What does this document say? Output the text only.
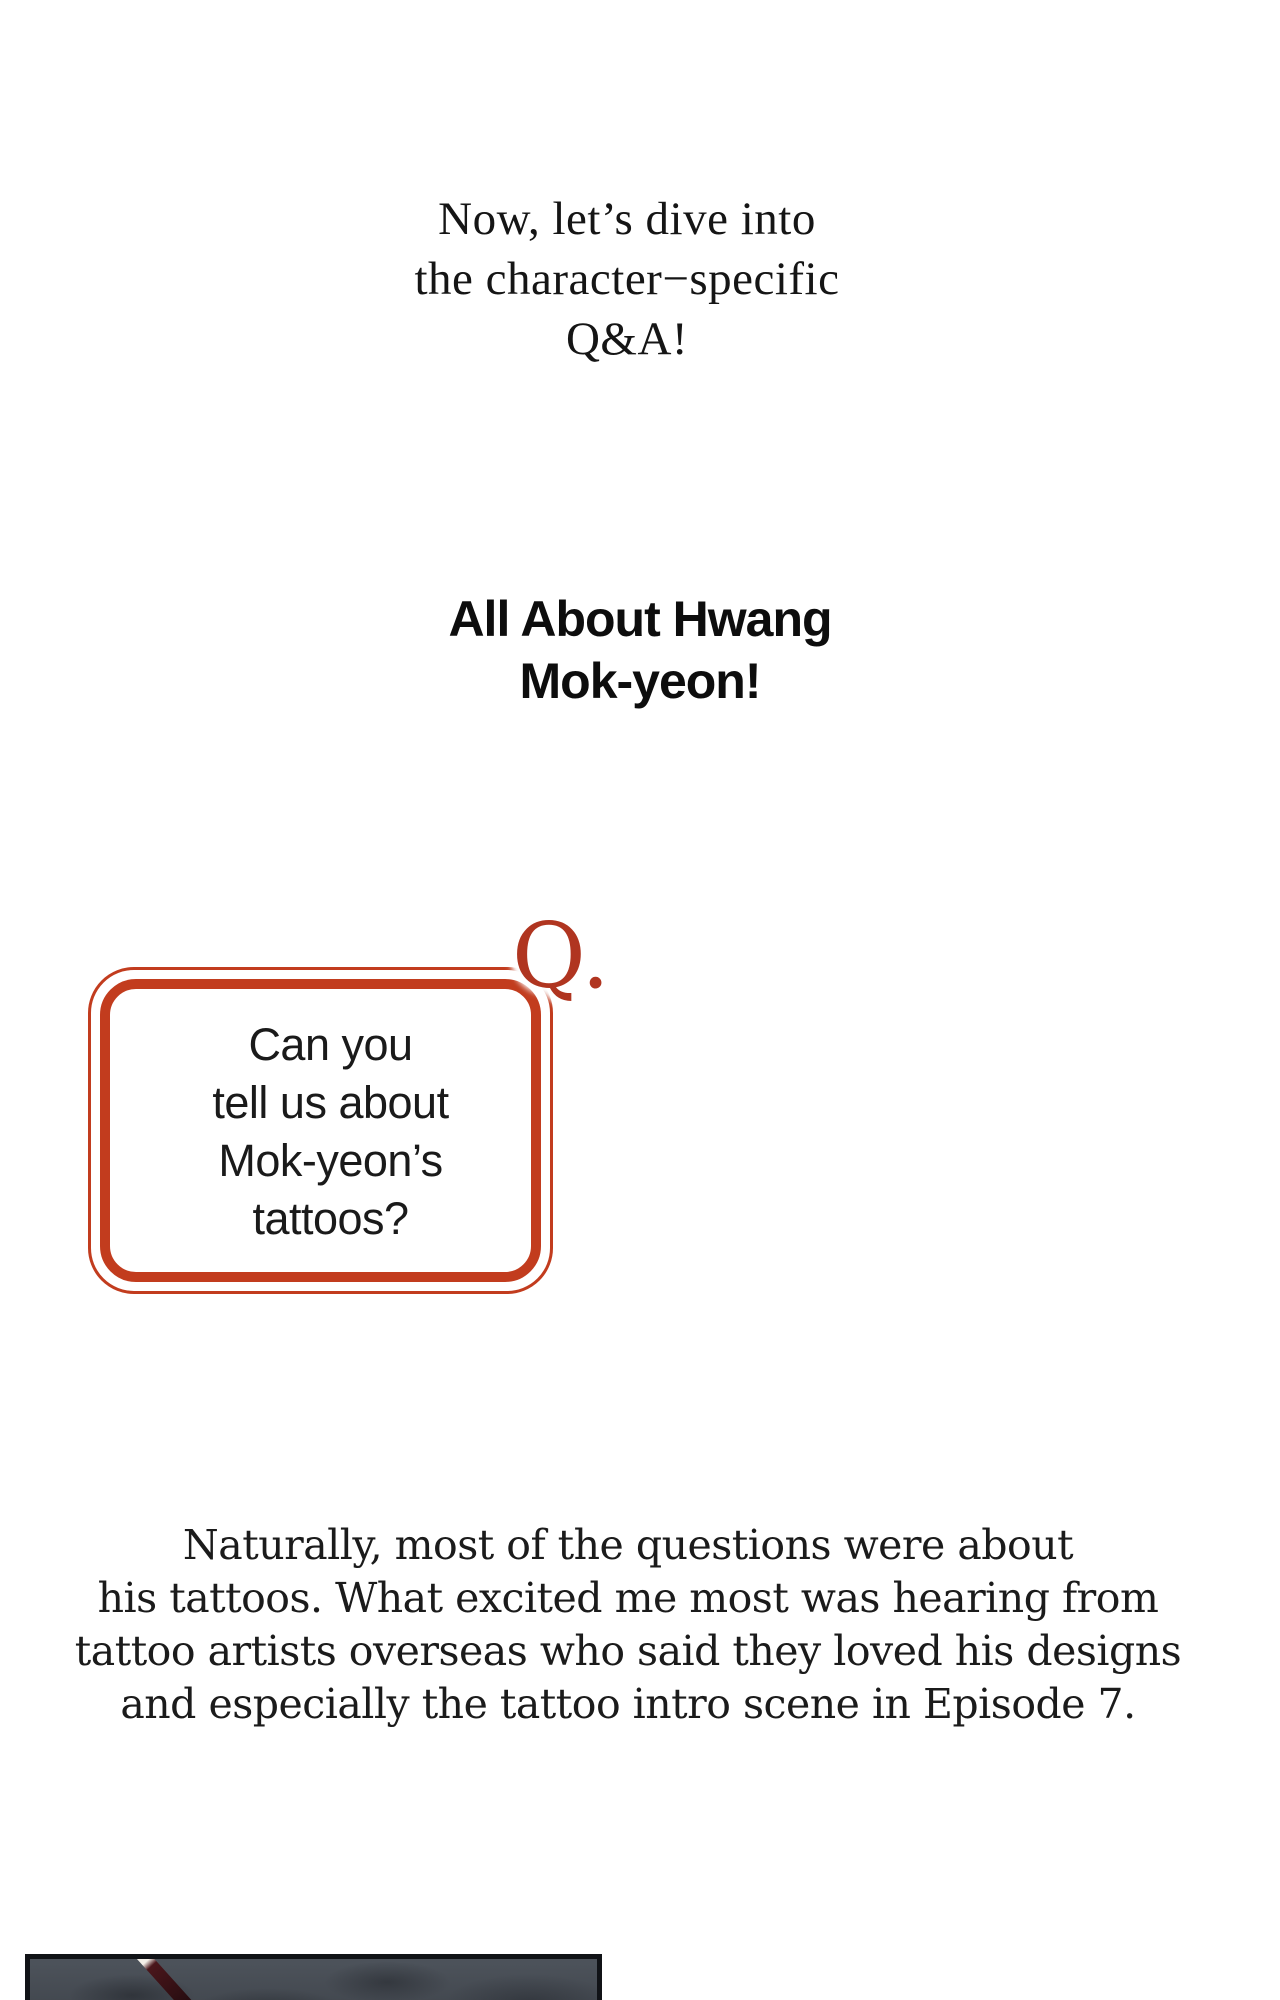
Now, let’s dive into
the character−specific
Q&A!
All About Hwang
Mok-yeon!
Can you
tell us about
Mok-yeon’s
tattoos?
Q.
Naturally, most of the questions were about
his tattoos. What excited me most was hearing from
tattoo artists overseas who said they loved his designs
and especially the tattoo intro scene in Episode 7.
